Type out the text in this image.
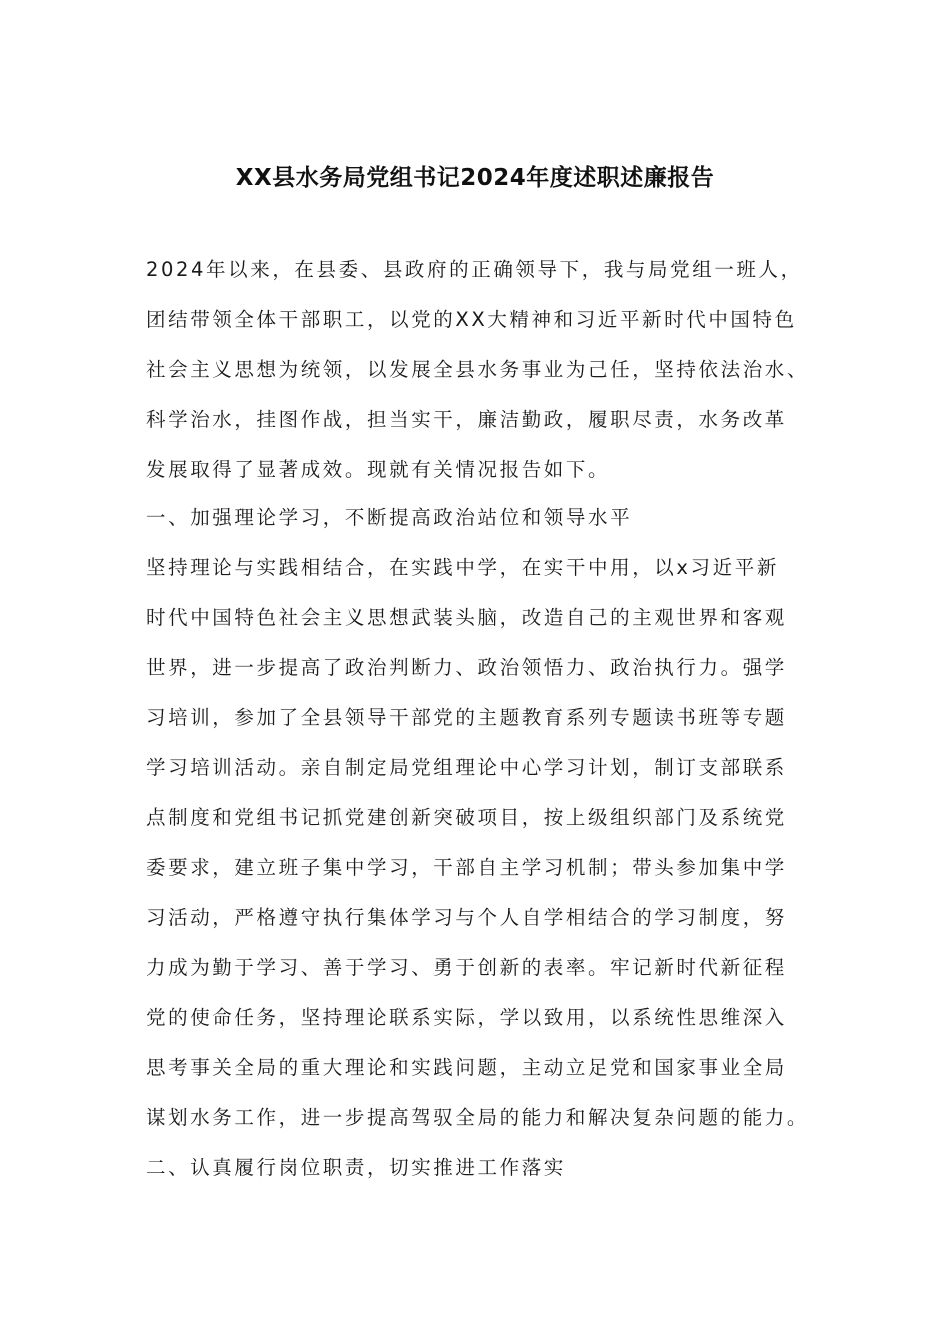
XX县水务局党组书记2024年度述职述廉报告
2024年以来，在县委、县政府的正确领导下，我与局党组一班人，
团结带领全体干部职工，以党的XX大精神和习近平新时代中国特色
社会主义思想为统领，以发展全县水务事业为己任，坚持依法治水、
科学治水，挂图作战，担当实干，廉洁勤政，履职尽责，水务改革
发展取得了显著成效。现就有关情况报告如下。
一、加强理论学习，不断提高政治站位和领导水平
坚持理论与实践相结合，在实践中学，在实干中用，以x习近平新
时代中国特色社会主义思想武装头脑，改造自己的主观世界和客观
世界，进一步提高了政治判断力、政治领悟力、政治执行力。强学
习培训，参加了全县领导干部党的主题教育系列专题读书班等专题
学习培训活动。亲自制定局党组理论中心学习计划，制订支部联系
点制度和党组书记抓党建创新突破项目，按上级组织部门及系统党
委要求，建立班子集中学习，干部自主学习机制；带头参加集中学
习活动，严格遵守执行集体学习与个人自学相结合的学习制度，努
力成为勤于学习、善于学习、勇于创新的表率。牢记新时代新征程
党的使命任务，坚持理论联系实际，学以致用，以系统性思维深入
思考事关全局的重大理论和实践问题，主动立足党和国家事业全局
谋划水务工作，进一步提高驾驭全局的能力和解决复杂问题的能力。
二、认真履行岗位职责，切实推进工作落实
